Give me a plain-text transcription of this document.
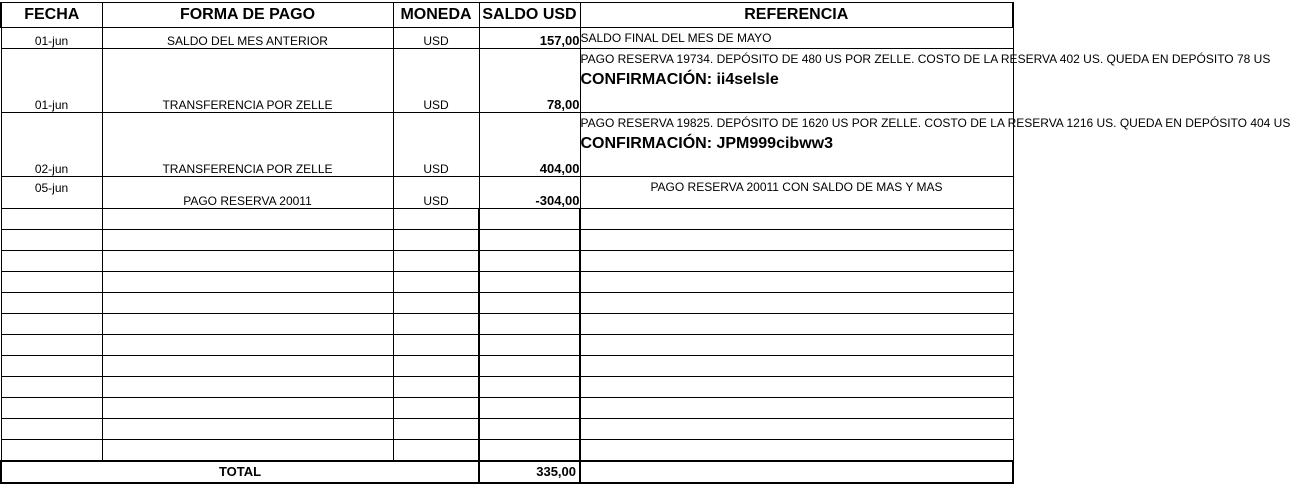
FECHA	FORMA DE PAGO	MONEDA	SALDO USD	REFERENCIA
01-jun	SALDO DEL MES ANTERIOR	USD	157,00	SALDO FINAL DEL MES DE MAYO
01-jun	TRANSFERENCIA POR ZELLE	USD	78,00	PAGO RESERVA 19734. DEPÓSITO DE 480 US POR ZELLE. COSTO DE LA RESERVA 402 US. QUEDA EN DEPÓSITO 78 US
CONFIRMACIÓN: ii4selsle

02-jun	TRANSFERENCIA POR ZELLE	USD	404,00	PAGO RESERVA 19825. DEPÓSITO DE 1620 US POR ZELLE. COSTO DE LA RESERVA 1216 US. QUEDA EN DEPÓSITO 404 US
CONFIRMACIÓN: JPM999cibww3

05-jun	PAGO RESERVA 20011	USD	-304,00	PAGO RESERVA 20011 CON SALDO DE MAS Y MAS

TOTAL			335,00	
